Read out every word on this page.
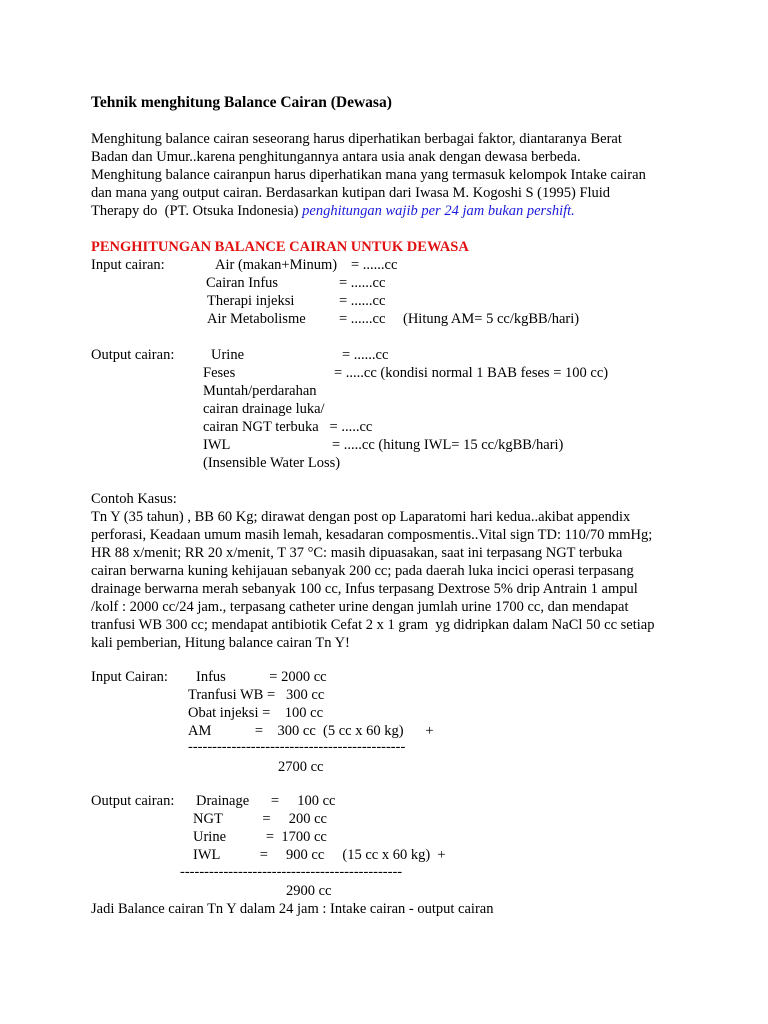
Tehnik menghitung Balance Cairan (Dewasa)
Menghitung balance cairan seseorang harus diperhatikan berbagai faktor, diantaranya Berat
Badan dan Umur..karena penghitungannya antara usia anak dengan dewasa berbeda.
Menghitung balance cairanpun harus diperhatikan mana yang termasuk kelompok Intake cairan
dan mana yang output cairan. Berdasarkan kutipan dari Iwasa M. Kogoshi S (1995) Fluid
Therapy do  (PT. Otsuka Indonesia) penghitungan wajib per 24 jam bukan pershift.
PENGHITUNGAN BALANCE CAIRAN UNTUK DEWASA
Input cairan:	Air (makan+Minum) = ......cc
Cairan Infus	= ......cc
Therapi injeksi	= ......cc
Air Metabolisme = ......cc (Hitung AM= 5 cc/kgBB/hari)
Output cairan:	Urine	= ......cc
Feses	= .....cc (kondisi normal 1 BAB feses = 100 cc)
Muntah/perdarahan
cairan drainage luka/
cairan NGT terbuka   = .....cc
IWL	= .....cc (hitung IWL= 15 cc/kgBB/hari)
(Insensible Water Loss)
Contoh Kasus:
Tn Y (35 tahun) , BB 60 Kg; dirawat dengan post op Laparatomi hari kedua..akibat appendix
perforasi, Keadaan umum masih lemah, kesadaran composmentis..Vital sign TD: 110/70 mmHg;
HR 88 x/menit; RR 20 x/menit, T 37 °C: masih dipuasakan, saat ini terpasang NGT terbuka
cairan berwarna kuning kehijauan sebanyak 200 cc; pada daerah luka incici operasi terpasang
drainage berwarna merah sebanyak 100 cc, Infus terpasang Dextrose 5% drip Antrain 1 ampul
/kolf : 2000 cc/24 jam., terpasang catheter urine dengan jumlah urine 1700 cc, dan mendapat
tranfusi WB 300 cc; mendapat antibiotik Cefat 2 x 1 gram  yg didripkan dalam NaCl 50 cc setiap
kali pemberian, Hitung balance cairan Tn Y!
Input Cairan: Infus            = 2000 cc
Tranfusi WB =   300 cc
Obat injeksi =    100 cc
AM            =    300 cc  (5 cc x 60 kg)      +
---------------------------------------------
2700 cc
Output cairan: Drainage      =     100 cc
NGT           =     200 cc
Urine           =  1700 cc
IWL           =     900 cc     (15 cc x 60 kg)  +
----------------------------------------------
2900 cc
Jadi Balance cairan Tn Y dalam 24 jam : Intake cairan - output cairan
